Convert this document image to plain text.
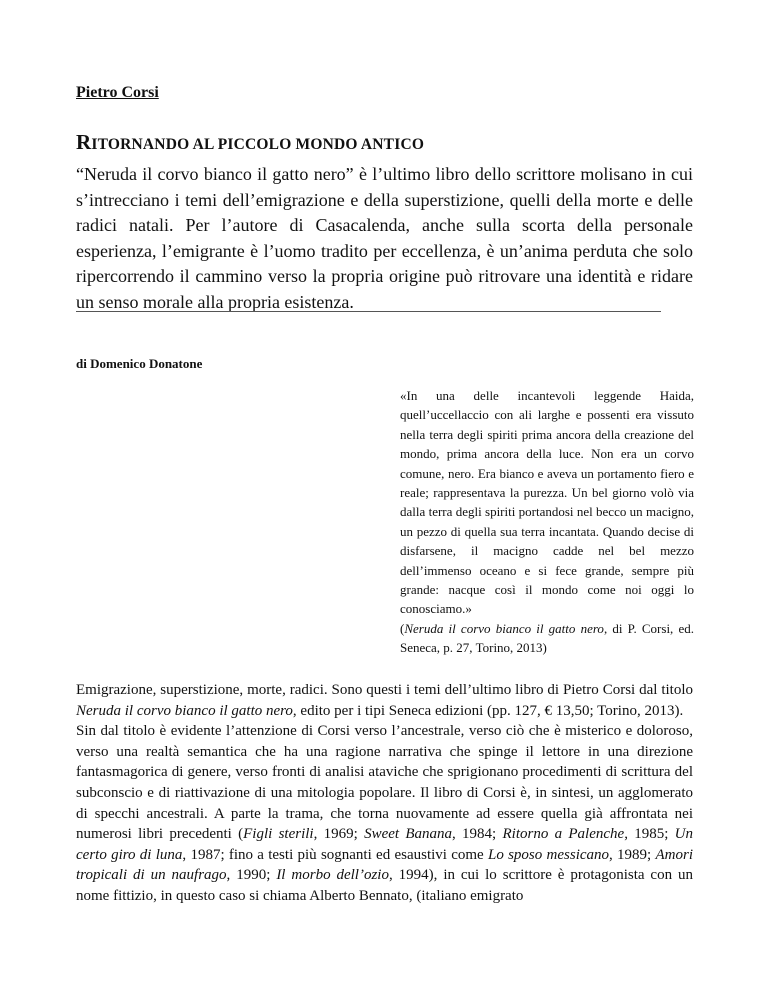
Pietro Corsi
RITORNANDO AL PICCOLO MONDO ANTICO
“Neruda il corvo bianco il gatto nero” è l’ultimo libro dello scrittore molisano in cui s’intrecciano i temi dell’emigrazione e della superstizione, quelli della morte e delle radici natali. Per l’autore di Casacalenda, anche sulla scorta della personale esperienza, l’emigrante è l’uomo tradito per eccellenza, è un’anima perduta che solo ripercorrendo il cammino verso la propria origine può ritrovare una identità e ridare un senso morale alla propria esistenza.
di Domenico Donatone
«In una delle incantevoli leggende Haida, quell’uccellaccio con ali larghe e possenti era vissuto nella terra degli spiriti prima ancora della creazione del mondo, prima ancora della luce. Non era un corvo comune, nero. Era bianco e aveva un portamento fiero e reale; rappresentava la purezza. Un bel giorno volò via dalla terra degli spiriti portandosi nel becco un macigno, un pezzo di quella sua terra incantata. Quando decise di disfarsene, il macigno cadde nel bel mezzo dell’immenso oceano e si fece grande, sempre più grande: nacque così il mondo come noi oggi lo conosciamo.»
(Neruda il corvo bianco il gatto nero, di P. Corsi, ed. Seneca, p. 27, Torino, 2013)

Emigrazione, superstizione, morte, radici. Sono questi i temi dell’ultimo libro di Pietro Corsi dal titolo Neruda il corvo bianco il gatto nero, edito per i tipi Seneca edizioni (pp. 127, € 13,50; Torino, 2013).

Sin dal titolo è evidente l’attenzione di Corsi verso l’ancestrale, verso ciò che è misterico e doloroso, verso una realtà semantica che ha una ragione narrativa che spinge il lettore in una direzione fantasmagorica di genere, verso fronti di analisi ataviche che sprigionano procedimenti di scrittura del subconscio e di riattivazione di una mitologia popolare. Il libro di Corsi è, in sintesi, un agglomerato di specchi ancestrali. A parte la trama, che torna nuovamente ad essere quella già affrontata nei numerosi libri precedenti (Figli sterili, 1969; Sweet Banana, 1984; Ritorno a Palenche, 1985; Un certo giro di luna, 1987; fino a testi più sognanti ed esaustivi come Lo sposo messicano, 1989; Amori tropicali di un naufrago, 1990; Il morbo dell’ozio, 1994), in cui lo scrittore è protagonista con un nome fittizio, in questo caso si chiama Alberto Bennato, (italiano emigrato
